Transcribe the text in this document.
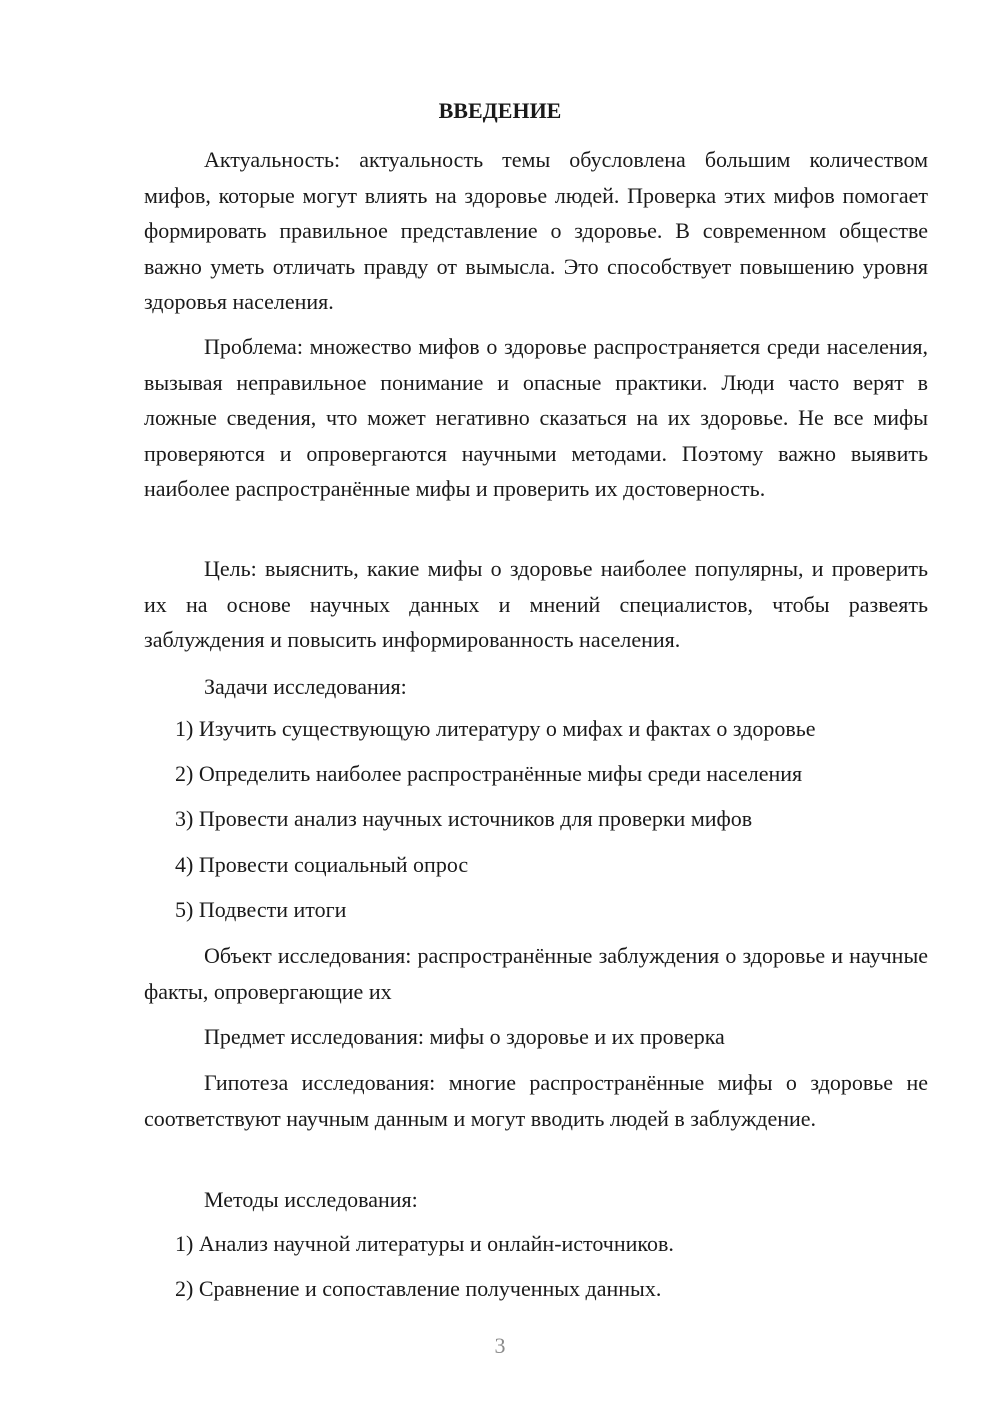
ВВЕДЕНИЕ

Актуальность: актуальность темы обусловлена большим количеством мифов, которые могут влиять на здоровье людей. Проверка этих мифов помогает формировать правильное представление о здоровье. В современном обществе важно уметь отличать правду от вымысла. Это способствует повышению уровня здоровья населения.

Проблема: множество мифов о здоровье распространяется среди населения, вызывая неправильное понимание и опасные практики. Люди часто верят в ложные сведения, что может негативно сказаться на их здоровье. Не все мифы проверяются и опровергаются научными методами. Поэтому важно выявить наиболее распространённые мифы и проверить их достоверность.

Цель: выяснить, какие мифы о здоровье наиболее популярны, и проверить их на основе научных данных и мнений специалистов, чтобы развеять заблуждения и повысить информированность населения.

Задачи исследования:

1) Изучить существующую литературу о мифах и фактах о здоровье
2) Определить наиболее распространённые мифы среди населения
3) Провести анализ научных источников для проверки мифов
4) Провести социальный опрос
5) Подвести итоги

Объект исследования: распространённые заблуждения о здоровье и научные факты, опровергающие их

Предмет исследования: мифы о здоровье и их проверка

Гипотеза исследования: многие распространённые мифы о здоровье не соответствуют научным данным и могут вводить людей в заблуждение.

Методы исследования:

1) Анализ научной литературы и онлайн-источников.
2) Сравнение и сопоставление полученных данных.
3
